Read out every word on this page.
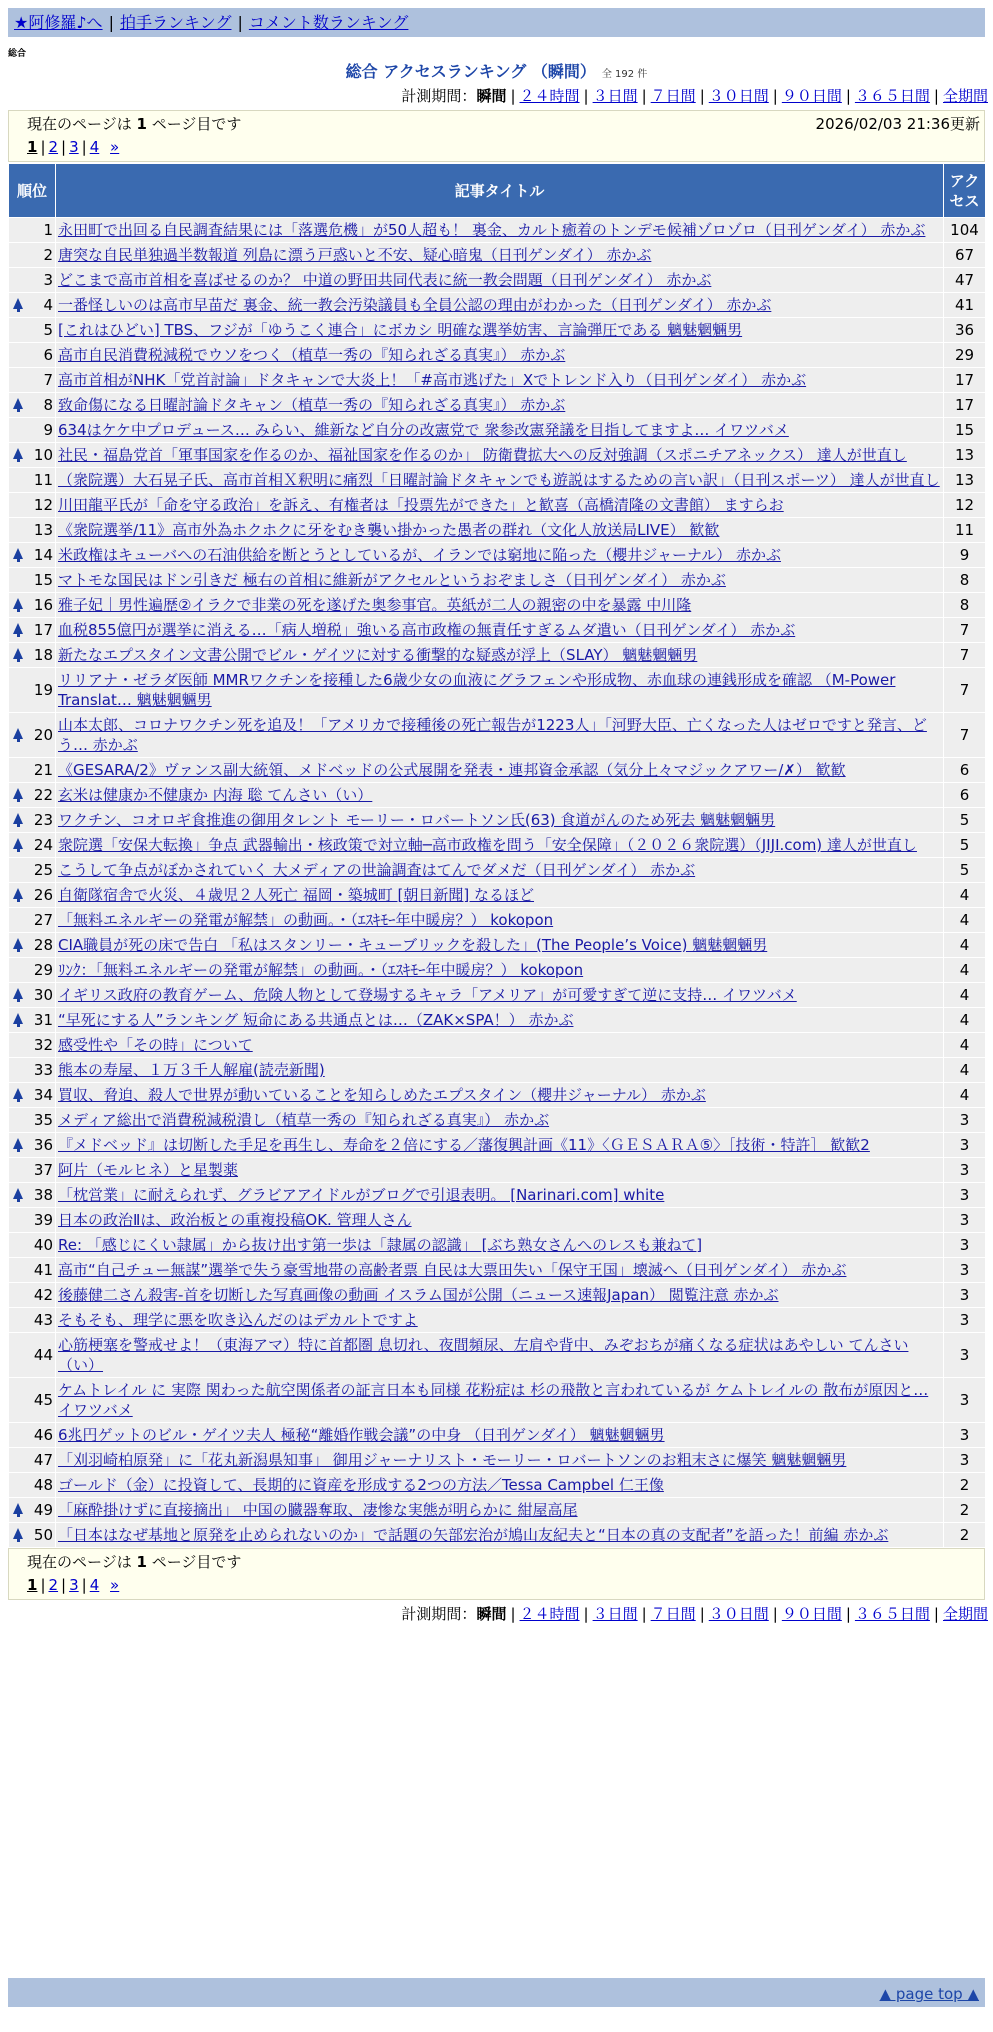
★阿修羅♪へ | 拍手ランキング | コメント数ランキング
総合
総合 アクセスランキング （瞬間） 全 192 件
計測期間：瞬間 | ２４時間 | ３日間 | ７日間 | ３０日間 | ９０日間 | ３６５日間 | 全期間
現在のページは 1 ページ目です	2026/02/03 21:36更新
1 | 2 | 3 | 4 »
順位	記事タイトル	アクセス
1	永田町で出回る自民調査結果には「落選危機」が50人超も！ 裏金、カルト癒着のトンデモ候補ゾロゾロ（日刊ゲンダイ） 赤かぶ	104
2	唐突な自民単独過半数報道 列島に漂う戸惑いと不安、疑心暗鬼（日刊ゲンダイ） 赤かぶ	67
3	どこまで高市首相を喜ばせるのか？ 中道の野田共同代表に統一教会問題（日刊ゲンダイ） 赤かぶ	47

4	一番怪しいのは高市早苗だ 裏金、統一教会汚染議員も全員公認の理由がわかった（日刊ゲンダイ） 赤かぶ	41
5	[これはひどい] TBS、フジが「ゆうこく連合」にボカシ 明確な選挙妨害、言論弾圧である 魑魅魍魎男	36
6	高市自民消費税減税でウソをつく（植草一秀の『知られざる真実』） 赤かぶ	29
7	高市首相がNHK「党首討論」ドタキャンで大炎上！「#高市逃げた」Xでトレンド入り（日刊ゲンダイ） 赤かぶ	17

8	致命傷になる日曜討論ドタキャン（植草一秀の『知られざる真実』） 赤かぶ	17
9	634はケケ中プロデュース… みらい、維新など自分の改憲党で 衆参改憲発議を目指してますよ… イワツバメ	15

10	社民・福島党首「軍事国家を作るのか、福祉国家を作るのか」 防衛費拡大への反対強調（スポニチアネックス） 達人が世直し	13
11	（衆院選）大石晃子氏、高市首相Ｘ釈明に痛烈「日曜討論ドタキャンでも遊説はするための言い訳」（日刊スポーツ） 達人が世直し	13
12	川田龍平氏が「命を守る政治」を訴え、有権者は「投票先ができた」と歓喜（高橋清隆の文書館） ますらお	12
13	《衆院選挙/11》高市外為ホクホクに牙をむき襲い掛かった愚者の群れ（文化人放送局LIVE） 歓歓	11

14	米政権はキューバへの石油供給を断とうとしているが、イランでは窮地に陥った（櫻井ジャーナル） 赤かぶ	9
15	マトモな国民はドン引きだ 極右の首相に維新がアクセルというおぞましさ（日刊ゲンダイ） 赤かぶ	8

16	雅子妃｜男性遍歴②イラクで非業の死を遂げた奥参事官。英紙が二人の親密の中を暴露 中川隆	8

17	血税855億円が選挙に消える…「病人増税」強いる高市政権の無責任すぎるムダ遣い（日刊ゲンダイ） 赤かぶ	7

18	新たなエプスタイン文書公開でビル・ゲイツに対する衝撃的な疑惑が浮上（SLAY） 魑魅魍魎男	7
19	リリアナ・ゼラダ医師 MMRワクチンを接種した6歳少女の血液にグラフェンや形成物、赤血球の連銭形成を確認 （M-Power Translat… 魑魅魍魎男	7

20	山本太郎、コロナワクチン死を追及！「アメリカで接種後の死亡報告が1223人」「河野大臣、亡くなった人はゼロですと発言、どう… 赤かぶ	7
21	《GESARA/2》ヴァンス副大統領、メドベッドの公式展開を発表・連邦資金承認（気分上々マジックアワー/✗） 歓歓	6

22	玄米は健康か不健康か 内海 聡 てんさい（い）	6

23	ワクチン、コオロギ食推進の御用タレント モーリー・ロバートソン氏(63) 食道がんのため死去 魑魅魍魎男	5

24	衆院選「安保大転換」争点 武器輸出・核政策で対立軸─高市政権を問う「安全保障」（２０２６衆院選）（JIJI.com) 達人が世直し	5
25	こうして争点がぼかされていく 大メディアの世論調査はてんでダメだ（日刊ゲンダイ） 赤かぶ	5

26	自衛隊宿舎で火災、４歳児２人死亡 福岡・築城町 [朝日新聞] なるほど	4
27	「無料エネルギーの発電が解禁」の動画。・（ｴｽｷﾓｰ年中暖房？） kokopon	4

28	CIA職員が死の床で告白 「私はスタンリー・キューブリックを殺した」(The People’s Voice) 魑魅魍魎男	4
29	ﾘﾝｸ：「無料エネルギーの発電が解禁」の動画。・（ｴｽｷﾓｰ年中暖房？） kokopon	4

30	イギリス政府の教育ゲーム、危険人物として登場するキャラ「アメリア」が可愛すぎて逆に支持… イワツバメ	4

31	“早死にする人”ランキング 短命にある共通点とは…（ZAK×SPA！） 赤かぶ	4
32	感受性や「その時」について	4
33	熊本の寿屋、１万３千人解雇(読売新聞)	4

34	買収、脅迫、殺人で世界が動いていることを知らしめたエプスタイン（櫻井ジャーナル） 赤かぶ	4
35	メディア総出で消費税減税潰し（植草一秀の『知られざる真実』） 赤かぶ	3

36	『メドベッド』は切断した手足を再生し、寿命を２倍にする／藩復興計画《11》〈ＧＥＳＡＲＡ⑤〉［技術・特許］ 歓歓2	3
37	阿片（モルヒネ）と星製薬	3

38	「枕営業」に耐えられず、グラビアアイドルがブログで引退表明。 [Narinari.com] white	3
39	日本の政治Ⅱは、政治板との重複投稿OK. 管理人さん	3
40	Re: 「感じにくい隷属」から抜け出す第一歩は「隷属の認識」 [ぶち熟女さんへのレスも兼ねて]	3
41	高市“自己チュー無謀”選挙で失う豪雪地帯の高齢者票 自民は大票田失い「保守王国」壊滅へ（日刊ゲンダイ） 赤かぶ	3
42	後藤健二さん殺害-首を切断した写真画像の動画 イスラム国が公開（ニュース速報Japan） 閲覧注意 赤かぶ	3
43	そもそも、理学に悪を吹き込んだのはデカルトですよ	3
44	心筋梗塞を警戒せよ！（東海アマ）特に首都圏 息切れ、夜間頻尿、左肩や背中、みぞおちが痛くなる症状はあやしい てんさい（い）	3
45	ケムトレイル に 実際 関わった航空関係者の証言日本も同様 花粉症は 杉の飛散と言われているが ケムトレイルの 散布が原因と… イワツバメ	3
46	6兆円ゲットのビル・ゲイツ夫人 極秘“離婚作戦会議”の中身 （日刊ゲンダイ） 魑魅魍魎男	3
47	「刈羽崎柏原発」に「花丸新潟県知事」 御用ジャーナリスト・モーリー・ロバートソンのお粗末さに爆笑 魑魅魍魎男	3
48	ゴールド（金）に投資して、長期的に資産を形成する2つの方法／Tessa Campbel 仁王像	2

49	「麻酔掛けずに直接摘出」 中国の臓器奪取、凄惨な実態が明らかに 紺屋高尾	2

50	「日本はなぜ基地と原発を止められないのか」で話題の矢部宏治が鳩山友紀夫と“日本の真の支配者”を語った！前編 赤かぶ	2
現在のページは 1 ページ目です
1 | 2 | 3 | 4 »
計測期間：瞬間 | ２４時間 | ３日間 | ７日間 | ３０日間 | ９０日間 | ３６５日間 | 全期間
▲ page top ▲
